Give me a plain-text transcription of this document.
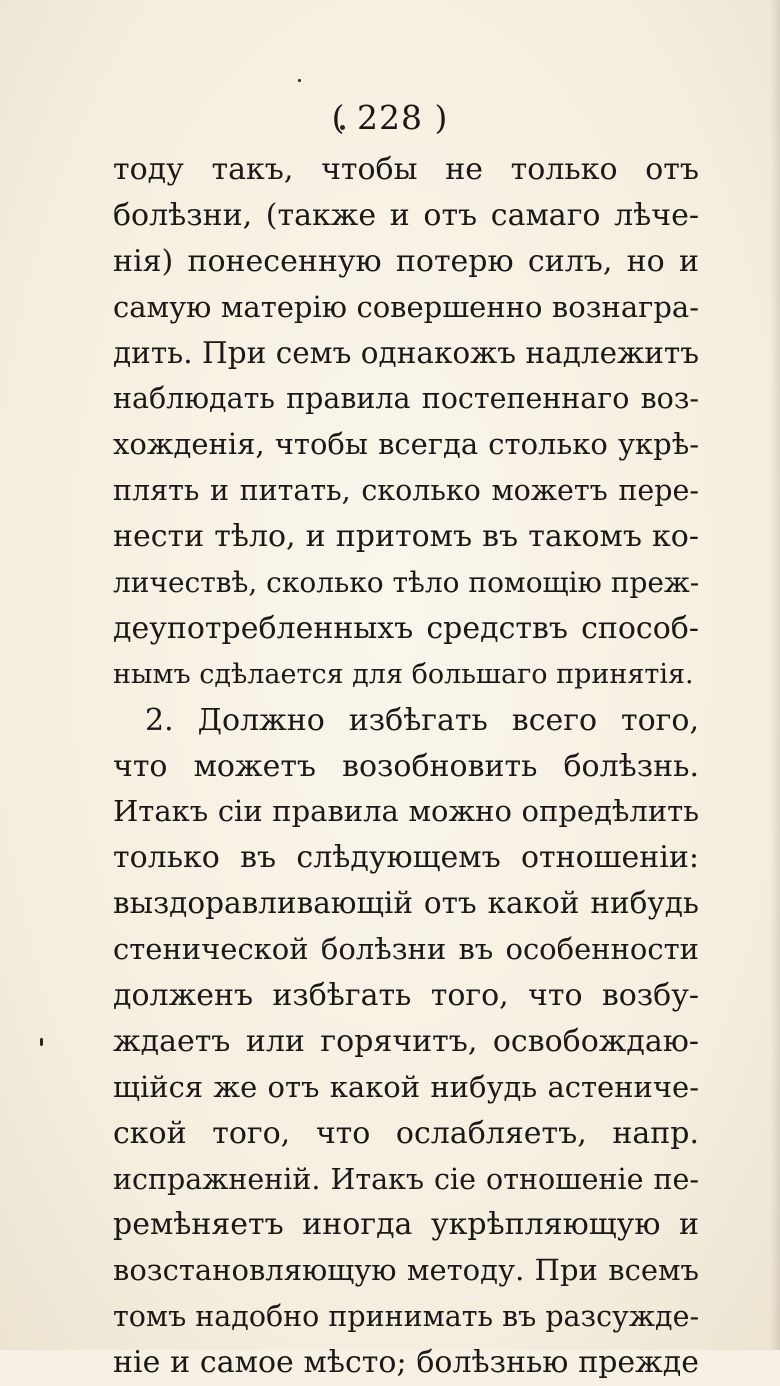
( 228 )
тоду такъ, чтобы не только отъ
болѣзни, (также и отъ самаго лѣче-
нія) понесенную потерю силъ, но и
самую матерію совершенно вознагра-
дить. При семъ однакожъ надлежитъ
наблюдать правила постепеннаго воз-
хожденія, чтобы всегда столько укрѣ-
плять и питать, сколько можетъ пере-
нести тѣло, и притомъ въ такомъ ко-
личествѣ, сколько тѣло помощію преж-
деупотребленныхъ средствъ способ-
нымъ сдѣлается для большаго принятія.
2. Должно избѣгать всего того,
что можетъ возобновить болѣзнь.
Итакъ сіи правила можно опредѣлить
только въ слѣдующемъ отношеніи:
выздоравливающій отъ какой нибудь
стенической болѣзни въ особенности
долженъ избѣгать того, что возбу-
ждаетъ или горячитъ, освобождаю-
щійся же отъ какой нибудь астениче-
ской того, что ослабляетъ, напр.
испражненій. Итакъ сіе отношеніе пе-
ремѣняетъ иногда укрѣпляющую и
возстановляющую методу. При всемъ
томъ надобно принимать въ разсужде-
ніе и самое мѣсто; болѣзнью прежде
